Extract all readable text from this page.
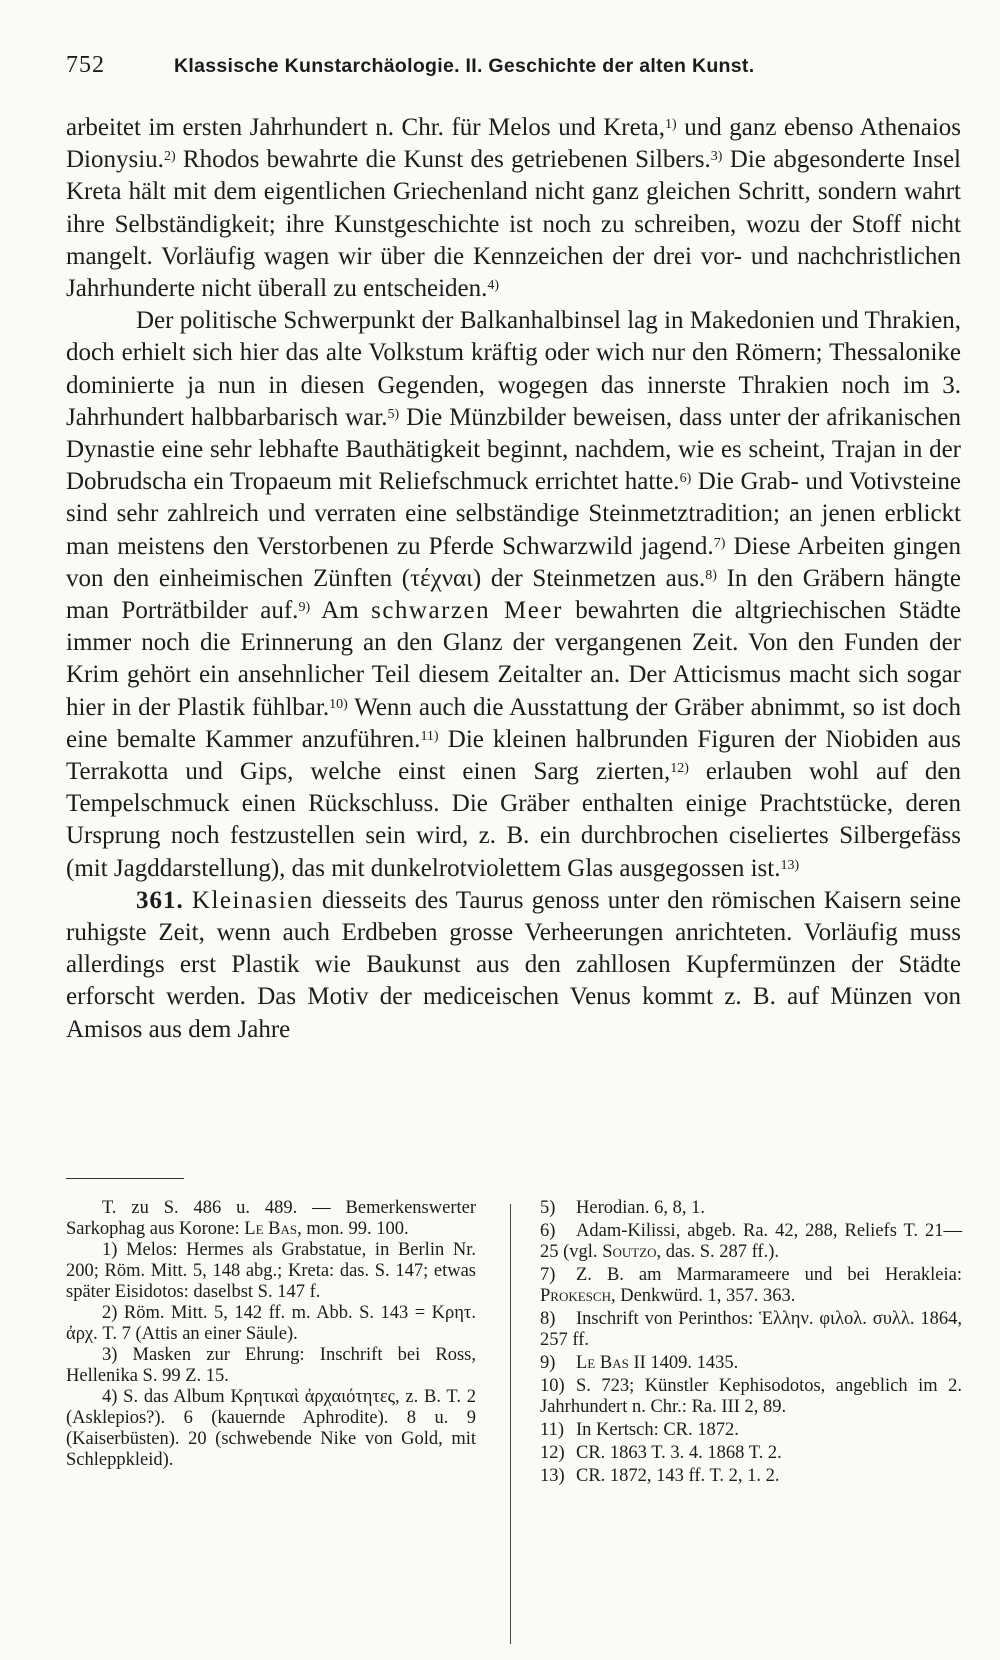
752	Klassische Kunstarchäologie. II. Geschichte der alten Kunst.

arbeitet im ersten Jahrhundert n. Chr. für Melos und Kreta,$^{1)}$ und ganz ebenso Athenaios Dionysiu.$^{2)}$ Rhodos bewahrte die Kunst des getriebenen Silbers.$^{3)}$ Die abgesonderte Insel Kreta hält mit dem eigentlichen Griechenland nicht ganz gleichen Schritt, sondern wahrt ihre Selbständigkeit; ihre Kunstgeschichte ist noch zu schreiben, wozu der Stoff nicht mangelt. Vorläufig wagen wir über die Kennzeichen der drei vor- und nachchristlichen Jahrhunderte nicht überall zu entscheiden.$^{4)}$

Der politische Schwerpunkt der Balkanhalbinsel lag in Makedonien und Thrakien, doch erhielt sich hier das alte Volkstum kräftig oder wich nur den Römern; Thessalonike dominierte ja nun in diesen Gegenden, wogegen das innerste Thrakien noch im 3. Jahrhundert halbbarbarisch war.$^{5)}$ Die Münzbilder beweisen, dass unter der afrikanischen Dynastie eine sehr lebhafte Bauthätigkeit beginnt, nachdem, wie es scheint, Trajan in der Dobrudscha ein Tropaeum mit Reliefschmuck errichtet hatte.$^{6)}$ Die Grab- und Votivsteine sind sehr zahlreich und verraten eine selbständige Steinmetztradition; an jenen erblickt man meistens den Verstorbenen zu Pferde Schwarzwild jagend.$^{7)}$ Diese Arbeiten gingen von den einheimischen Zünften (τέχναι) der Steinmetzen aus.$^{8)}$ In den Gräbern hängte man Porträtbilder auf.$^{9)}$ Am schwarzen Meer bewahrten die altgriechischen Städte immer noch die Erinnerung an den Glanz der vergangenen Zeit. Von den Funden der Krim gehört ein ansehnlicher Teil diesem Zeitalter an. Der Atticismus macht sich sogar hier in der Plastik fühlbar.$^{10)}$ Wenn auch die Ausstattung der Gräber abnimmt, so ist doch eine bemalte Kammer anzuführen.$^{11)}$ Die kleinen halbrunden Figuren der Niobiden aus Terrakotta und Gips, welche einst einen Sarg zierten,$^{12)}$ erlauben wohl auf den Tempelschmuck einen Rückschluss. Die Gräber enthalten einige Prachtstücke, deren Ursprung noch festzustellen sein wird, z. B. ein durchbrochen ciseliertes Silbergefäss (mit Jagddarstellung), das mit dunkelrotviolettem Glas ausgegossen ist.$^{13)}$

361. Kleinasien diesseits des Taurus genoss unter den römischen Kaisern seine ruhigste Zeit, wenn auch Erdbeben grosse Verheerungen anrichteten. Vorläufig muss allerdings erst Plastik wie Baukunst aus den zahllosen Kupfermünzen der Städte erforscht werden. Das Motiv der mediceischen Venus kommt z. B. auf Münzen von Amisos aus dem Jahre

T. zu S. 486 u. 489. — Bemerkenswerter Sarkophag aus Korone: Le Bas, mon. 99. 100.

1) Melos: Hermes als Grabstatue, in Berlin Nr. 200; Röm. Mitt. 5, 148 abg.; Kreta: das. S. 147; etwas später Eisidotos: daselbst S. 147 f.

2) Röm. Mitt. 5, 142 ff. m. Abb. S. 143 = Κρητ. ἀρχ. T. 7 (Attis an einer Säule).

3) Masken zur Ehrung: Inschrift bei Ross, Hellenika S. 99 Z. 15.

4) S. das Album Κρητικαὶ ἀρχαιότητες, z. B. T. 2 (Asklepios?). 6 (kauernde Aphrodite). 8 u. 9 (Kaiserbüsten). 20 (schwebende Nike von Gold, mit Schleppkleid).

5) Herodian. 6, 8, 1.

6) Adam-Kilissi, abgeb. Ra. 42, 288, Reliefs T. 21—25 (vgl. Soutzo, das. S. 287 ff.).

7) Z. B. am Marmarameere und bei Herakleia: Prokesch, Denkwürd. 1, 357. 363.

8) Inschrift von Perinthos: Ἑλλην. φιλολ. συλλ. 1864, 257 ff.

9) Le Bas II 1409. 1435.

10) S. 723; Künstler Kephisodotos, angeblich im 2. Jahrhundert n. Chr.: Ra. III 2, 89.

11) In Kertsch: CR. 1872.

12) CR. 1863 T. 3. 4. 1868 T. 2.

13) CR. 1872, 143 ff. T. 2, 1. 2.
